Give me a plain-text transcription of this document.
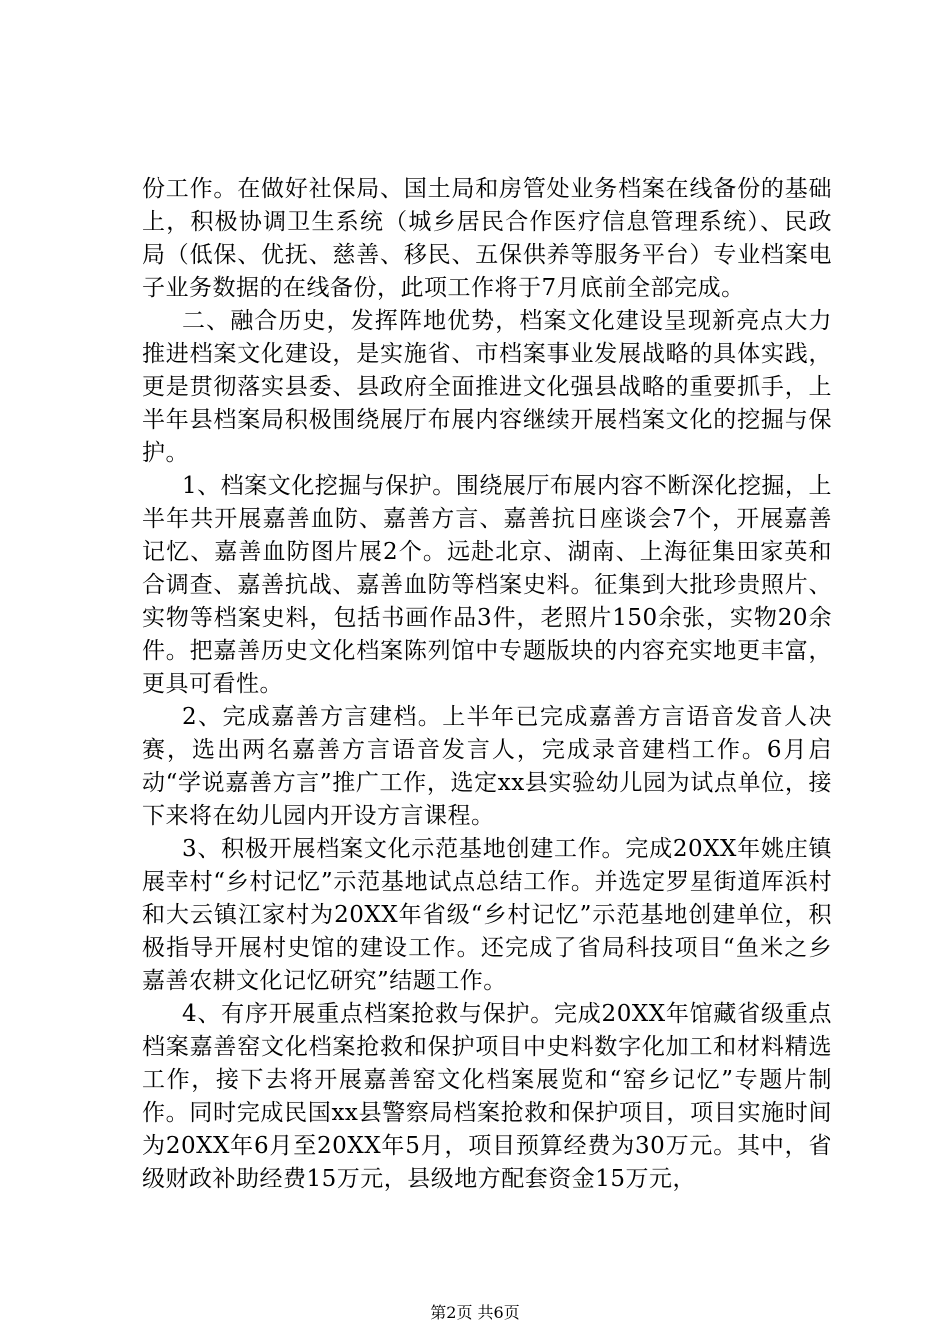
份工作。在做好社保局、国土局和房管处业务档案在线备份的基础上，积极协调卫生系统（城乡居民合作医疗信息管理系统）、民政局（低保、优抚、慈善、移民、五保供养等服务平台）专业档案电子业务数据的在线备份，此项工作将于7月底前全部完成。

二、融合历史，发挥阵地优势，档案文化建设呈现新亮点大力推进档案文化建设，是实施省、市档案事业发展战略的具体实践，更是贯彻落实县委、县政府全面推进文化强县战略的重要抓手，上半年县档案局积极围绕展厅布展内容继续开展档案文化的挖掘与保护。

1、档案文化挖掘与保护。围绕展厅布展内容不断深化挖掘，上半年共开展嘉善血防、嘉善方言、嘉善抗日座谈会7个，开展嘉善记忆、嘉善血防图片展2个。远赴北京、湖南、上海征集田家英和合调查、嘉善抗战、嘉善血防等档案史料。征集到大批珍贵照片、实物等档案史料，包括书画作品3件，老照片150余张，实物20余件。把嘉善历史文化档案陈列馆中专题版块的内容充实地更丰富，更具可看性。

2、完成嘉善方言建档。上半年已完成嘉善方言语音发音人决赛，选出两名嘉善方言语音发言人，完成录音建档工作。6月启动“学说嘉善方言”推广工作，选定xx县实验幼儿园为试点单位，接下来将在幼儿园内开设方言课程。

3、积极开展档案文化示范基地创建工作。完成20XX年姚庄镇展幸村“乡村记忆”示范基地试点总结工作。并选定罗星街道厍浜村和大云镇江家村为20XX年省级“乡村记忆”示范基地创建单位，积极指导开展村史馆的建设工作。还完成了省局科技项目“鱼米之乡嘉善农耕文化记忆研究”结题工作。

4、有序开展重点档案抢救与保护。完成20XX年馆藏省级重点档案嘉善窑文化档案抢救和保护项目中史料数字化加工和材料精选工作，接下去将开展嘉善窑文化档案展览和“窑乡记忆”专题片制作。同时完成民国xx县警察局档案抢救和保护项目，项目实施时间为20XX年6月至20XX年5月，项目预算经费为30万元。其中，省级财政补助经费15万元，县级地方配套资金15万元，

第2页 共6页
